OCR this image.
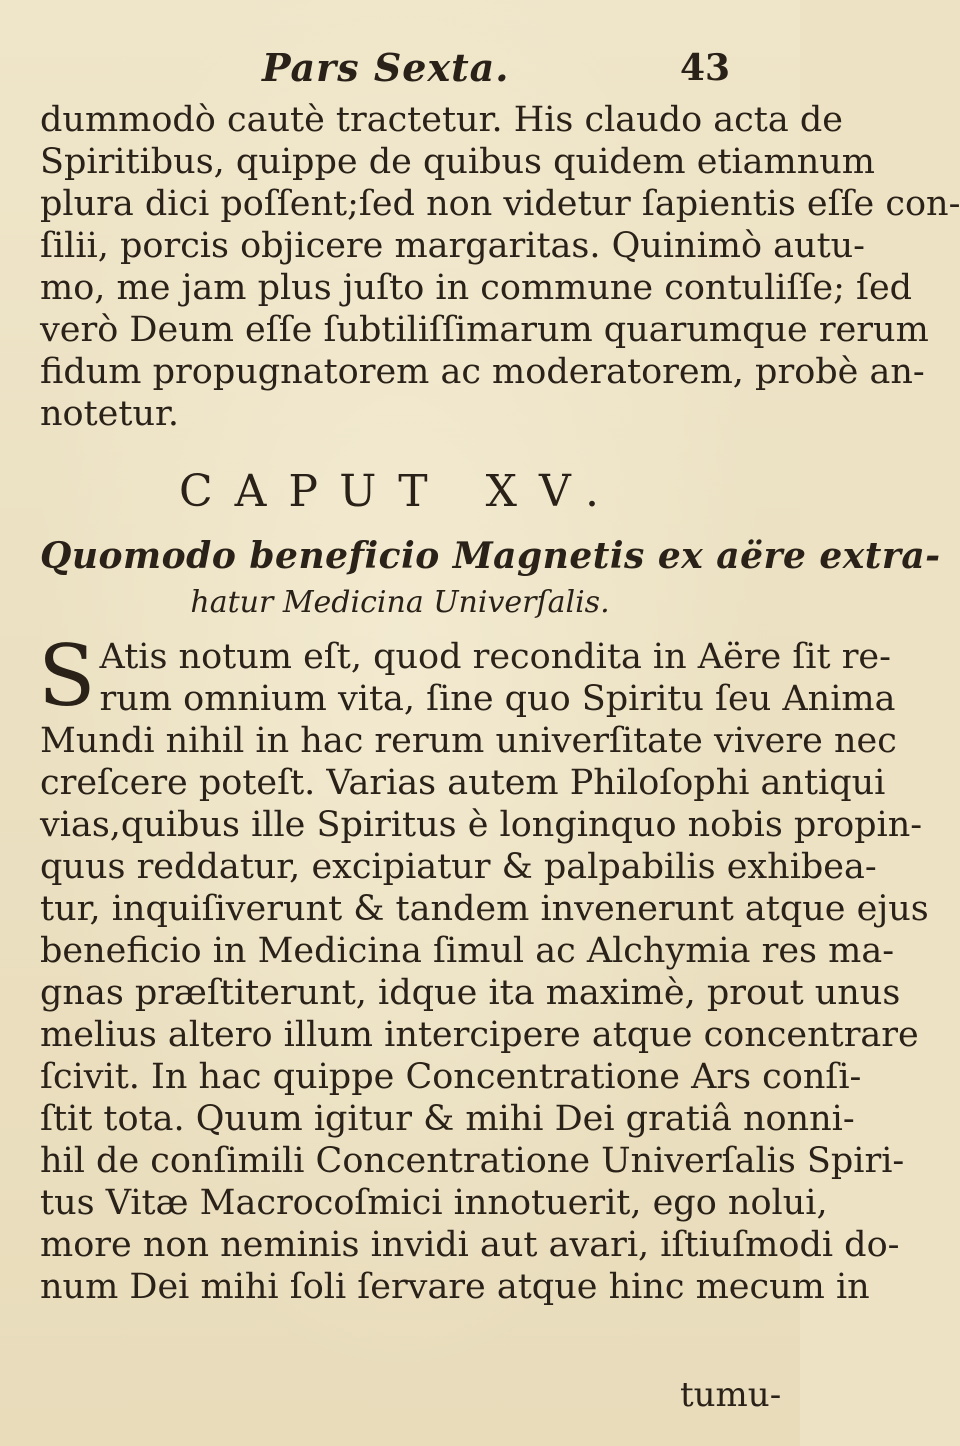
Pars Sexta.	43
dummodò cautè tractetur. His claudo acta de
Spiritibus, quippe de quibus quidem etiamnum
plura dici poſſent;ſed non videtur ſapientis eſſe con-
ſilii, porcis objicere margaritas. Quinimò autu-
mo, me jam plus juſto in commune contuliſſe; ſed
verò Deum eſſe ſubtiliſſimarum quarumque rerum
fidum propugnatorem ac moderatorem, probè an-
notetur.
CAPUT XV.
Quomodo beneficio Magnetis ex aëre extra-
hatur Medicina Univerſalis.
S Atis notum eſt, quod recondita in Aëre ſit re-
rum omnium vita, ſine quo Spiritu ſeu Anima
Mundi nihil in hac rerum univerſitate vivere nec
creſcere poteſt. Varias autem Philoſophi antiqui
vias,quibus ille Spiritus è longinquo nobis propin-
quus reddatur, excipiatur & palpabilis exhibea-
tur, inquiſiverunt & tandem invenerunt atque ejus
beneficio in Medicina ſimul ac Alchymia res ma-
gnas præſtiterunt, idque ita maximè, prout unus
melius altero illum intercipere atque concentrare
ſcivit. In hac quippe Concentratione Ars conſi-
ſtit tota. Quum igitur & mihi Dei gratiâ nonni-
hil de conſimili Concentratione Univerſalis Spiri-
tus Vitæ Macrocoſmici innotuerit, ego nolui,
more non neminis invidi aut avari, iſtiuſmodi do-
num Dei mihi ſoli ſervare atque hinc mecum in
tumu-
